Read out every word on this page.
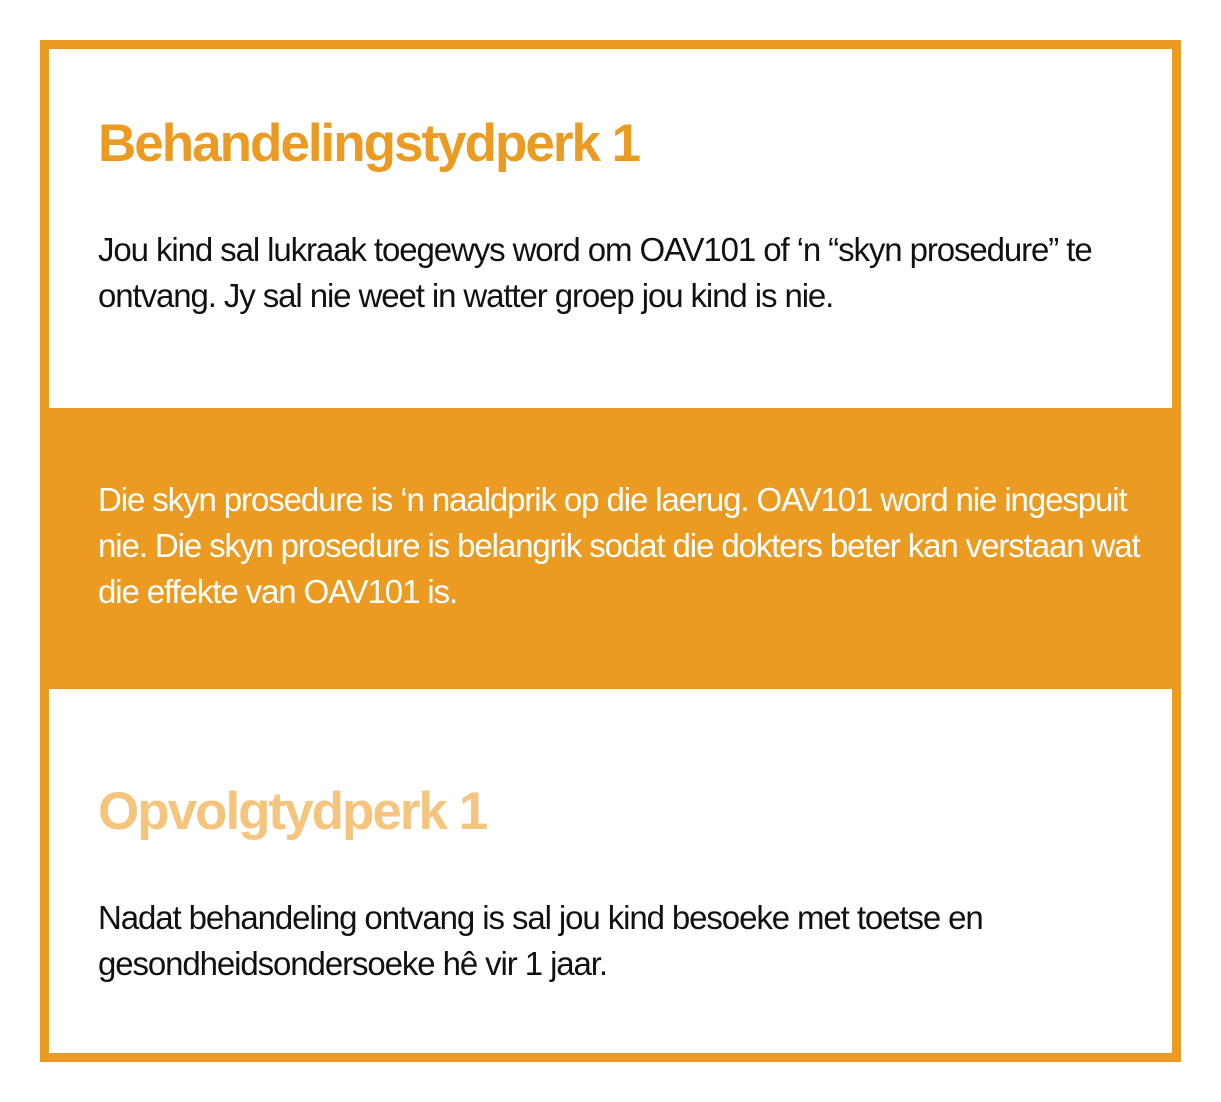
Behandelingstydperk 1

Jou kind sal lukraak toegewys word om OAV101 of ‘n “skyn prosedure” te ontvang. Jy sal nie weet in watter groep jou kind is nie.

Die skyn prosedure is ‘n naaldprik op die laerug. OAV101 word nie ingespuit nie. Die skyn prosedure is belangrik sodat die dokters beter kan verstaan wat die effekte van OAV101 is.

Opvolgtydperk 1

Nadat behandeling ontvang is sal jou kind besoeke met toetse en gesondheidsondersoeke hê vir 1 jaar.
